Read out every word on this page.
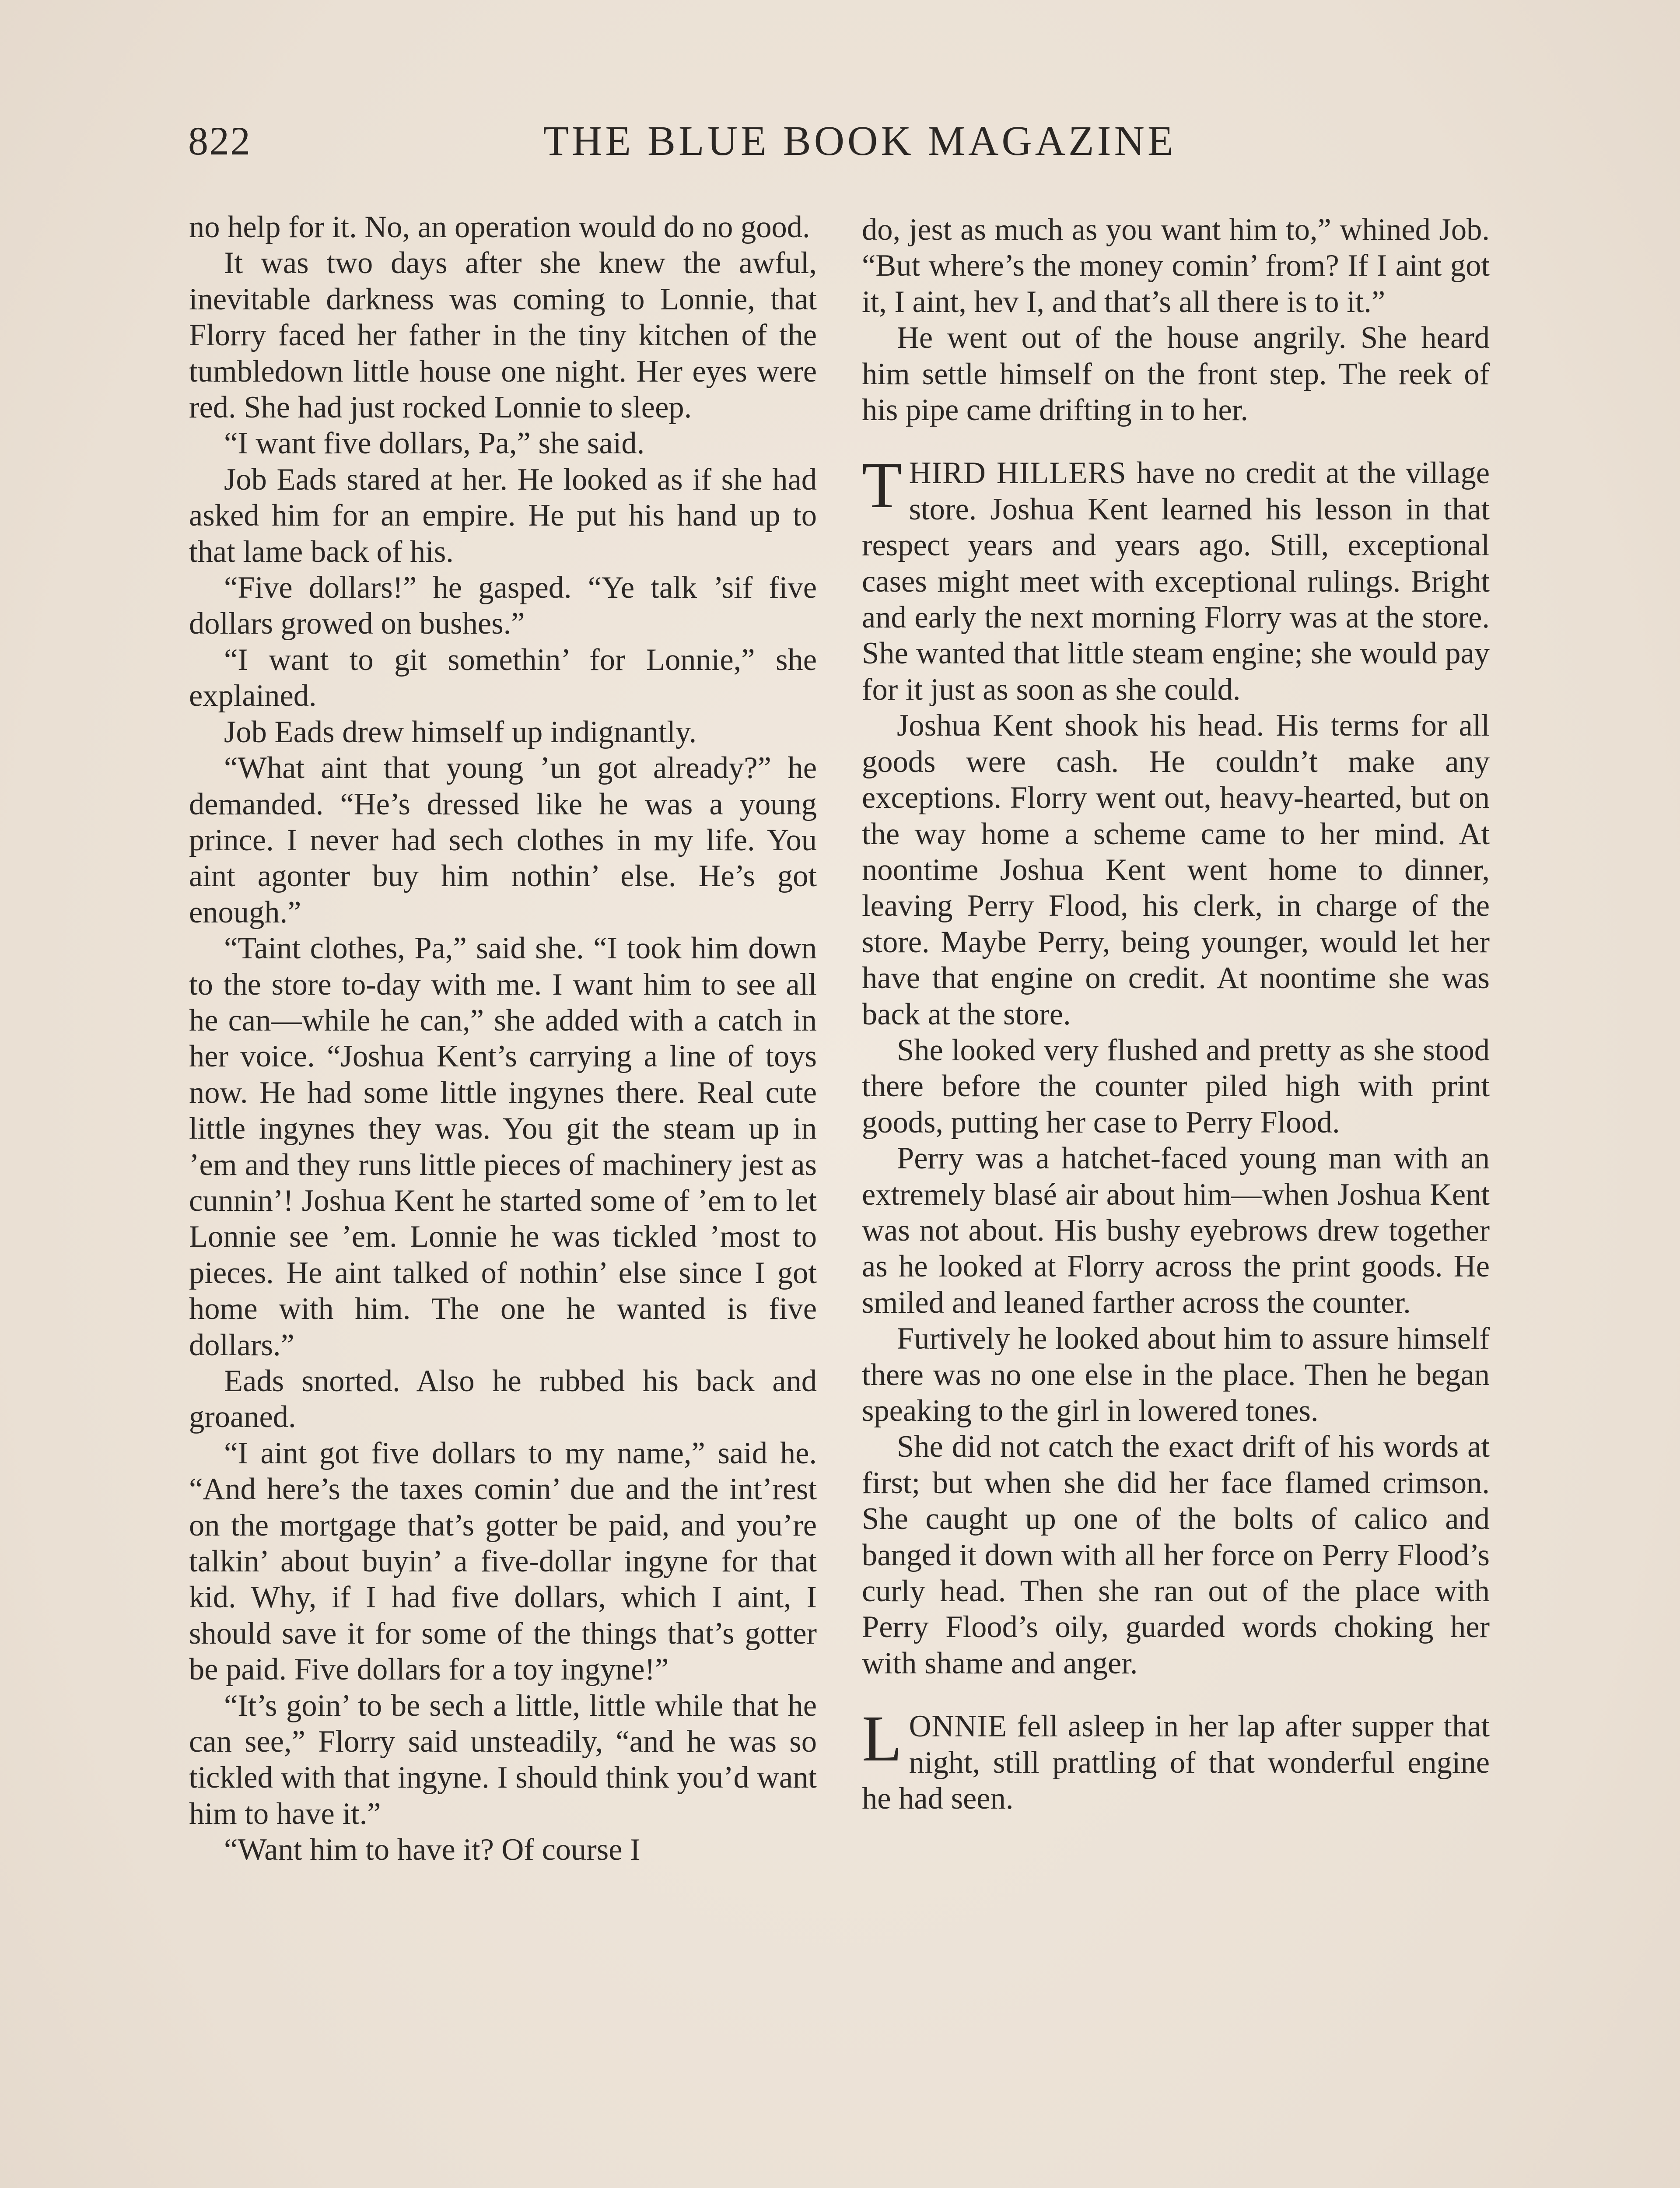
822	THE BLUE BOOK MAGAZINE

no help for it. No, an operation would do no good.

It was two days after she knew the awful, inevitable darkness was coming to Lonnie, that Florry faced her father in the tiny kitchen of the tumbledown little house one night. Her eyes were red. She had just rocked Lonnie to sleep.

“I want five dollars, Pa,” she said.

Job Eads stared at her. He looked as if she had asked him for an empire. He put his hand up to that lame back of his.

“Five dollars!” he gasped. “Ye talk ’sif five dollars growed on bushes.”

“I want to git somethin’ for Lonnie,” she explained.

Job Eads drew himself up indignantly.

“What aint that young ’un got already?” he demanded. “He’s dressed like he was a young prince. I never had sech clothes in my life. You aint agonter buy him nothin’ else. He’s got enough.”

“Taint clothes, Pa,” said she. “I took him down to the store to-day with me. I want him to see all he can—while he can,” she added with a catch in her voice. “Joshua Kent’s carrying a line of toys now. He had some little ingynes there. Real cute little ingynes they was. You git the steam up in ’em and they runs little pieces of machinery jest as cunnin’! Joshua Kent he started some of ’em to let Lonnie see ’em. Lonnie he was tickled ’most to pieces. He aint talked of nothin’ else since I got home with him. The one he wanted is five dollars.”

Eads snorted. Also he rubbed his back and groaned.

“I aint got five dollars to my name,” said he. “And here’s the taxes comin’ due and the int’rest on the mortgage that’s gotter be paid, and you’re talkin’ about buyin’ a five-dollar ingyne for that kid. Why, if I had five dollars, which I aint, I should save it for some of the things that’s gotter be paid. Five dollars for a toy ingyne!”

“It’s goin’ to be sech a little, little while that he can see,” Florry said unsteadily, “and he was so tickled with that ingyne. I should think you’d want him to have it.”

“Want him to have it? Of course I

do, jest as much as you want him to,” whined Job. “But where’s the money comin’ from? If I aint got it, I aint, hev I, and that’s all there is to it.”

He went out of the house angrily. She heard him settle himself on the front step. The reek of his pipe came drifting in to her.

THIRD HILLERS have no credit at the village store. Joshua Kent learned his lesson in that respect years and years ago. Still, exceptional cases might meet with exceptional rulings. Bright and early the next morning Florry was at the store. She wanted that little steam engine; she would pay for it just as soon as she could.

Joshua Kent shook his head. His terms for all goods were cash. He couldn’t make any exceptions. Florry went out, heavy-hearted, but on the way home a scheme came to her mind. At noontime Joshua Kent went home to dinner, leaving Perry Flood, his clerk, in charge of the store. Maybe Perry, being younger, would let her have that engine on credit. At noontime she was back at the store.

She looked very flushed and pretty as she stood there before the counter piled high with print goods, putting her case to Perry Flood.

Perry was a hatchet-faced young man with an extremely blasé air about him—when Joshua Kent was not about. His bushy eyebrows drew together as he looked at Florry across the print goods. He smiled and leaned farther across the counter.

Furtively he looked about him to assure himself there was no one else in the place. Then he began speaking to the girl in lowered tones.

She did not catch the exact drift of his words at first; but when she did her face flamed crimson. She caught up one of the bolts of calico and banged it down with all her force on Perry Flood’s curly head. Then she ran out of the place with Perry Flood’s oily, guarded words choking her with shame and anger.

LONNIE fell asleep in her lap after supper that night, still prattling of that wonderful engine he had seen.
